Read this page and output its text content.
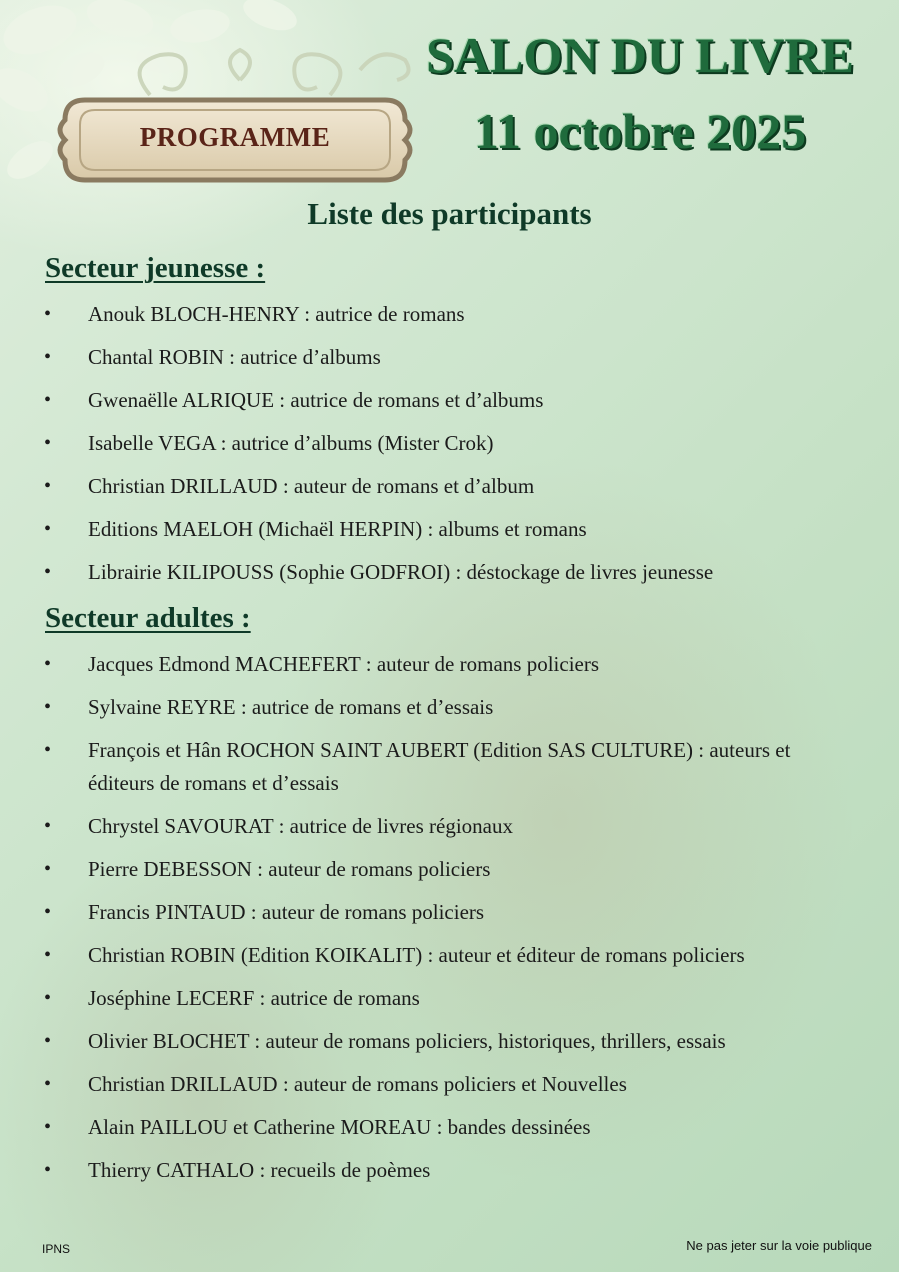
PROGRAMME
SALON DU LIVRE
11 octobre 2025
Liste des participants
Secteur jeunesse :
• Anouk BLOCH-HENRY : autrice de romans
• Chantal ROBIN : autrice d’albums
• Gwenaëlle ALRIQUE : autrice de romans et d’albums
• Isabelle VEGA : autrice d’albums (Mister Crok)
• Christian DRILLAUD : auteur de romans et d’album
• Editions MAELOH (Michaël HERPIN) : albums et romans
• Librairie KILIPOUSS (Sophie GODFROI) : déstockage de livres jeunesse
Secteur adultes :
• Jacques Edmond MACHEFERT : auteur de romans policiers
• Sylvaine REYRE : autrice de romans et d’essais
• François et Hân ROCHON SAINT AUBERT (Edition SAS CULTURE) : auteurs et éditeurs de romans et d’essais
• Chrystel SAVOURAT : autrice de livres régionaux
• Pierre DEBESSON : auteur de romans policiers
• Francis PINTAUD : auteur de romans policiers
• Christian ROBIN (Edition KOIKALIT) : auteur et éditeur de romans policiers
• Joséphine LECERF : autrice de romans
• Olivier BLOCHET : auteur de romans policiers, historiques, thrillers, essais
• Christian DRILLAUD : auteur de romans policiers et Nouvelles
• Alain PAILLOU et Catherine MOREAU : bandes dessinées
• Thierry CATHALO : recueils de poèmes
IPNS	Ne pas jeter sur la voie publique
